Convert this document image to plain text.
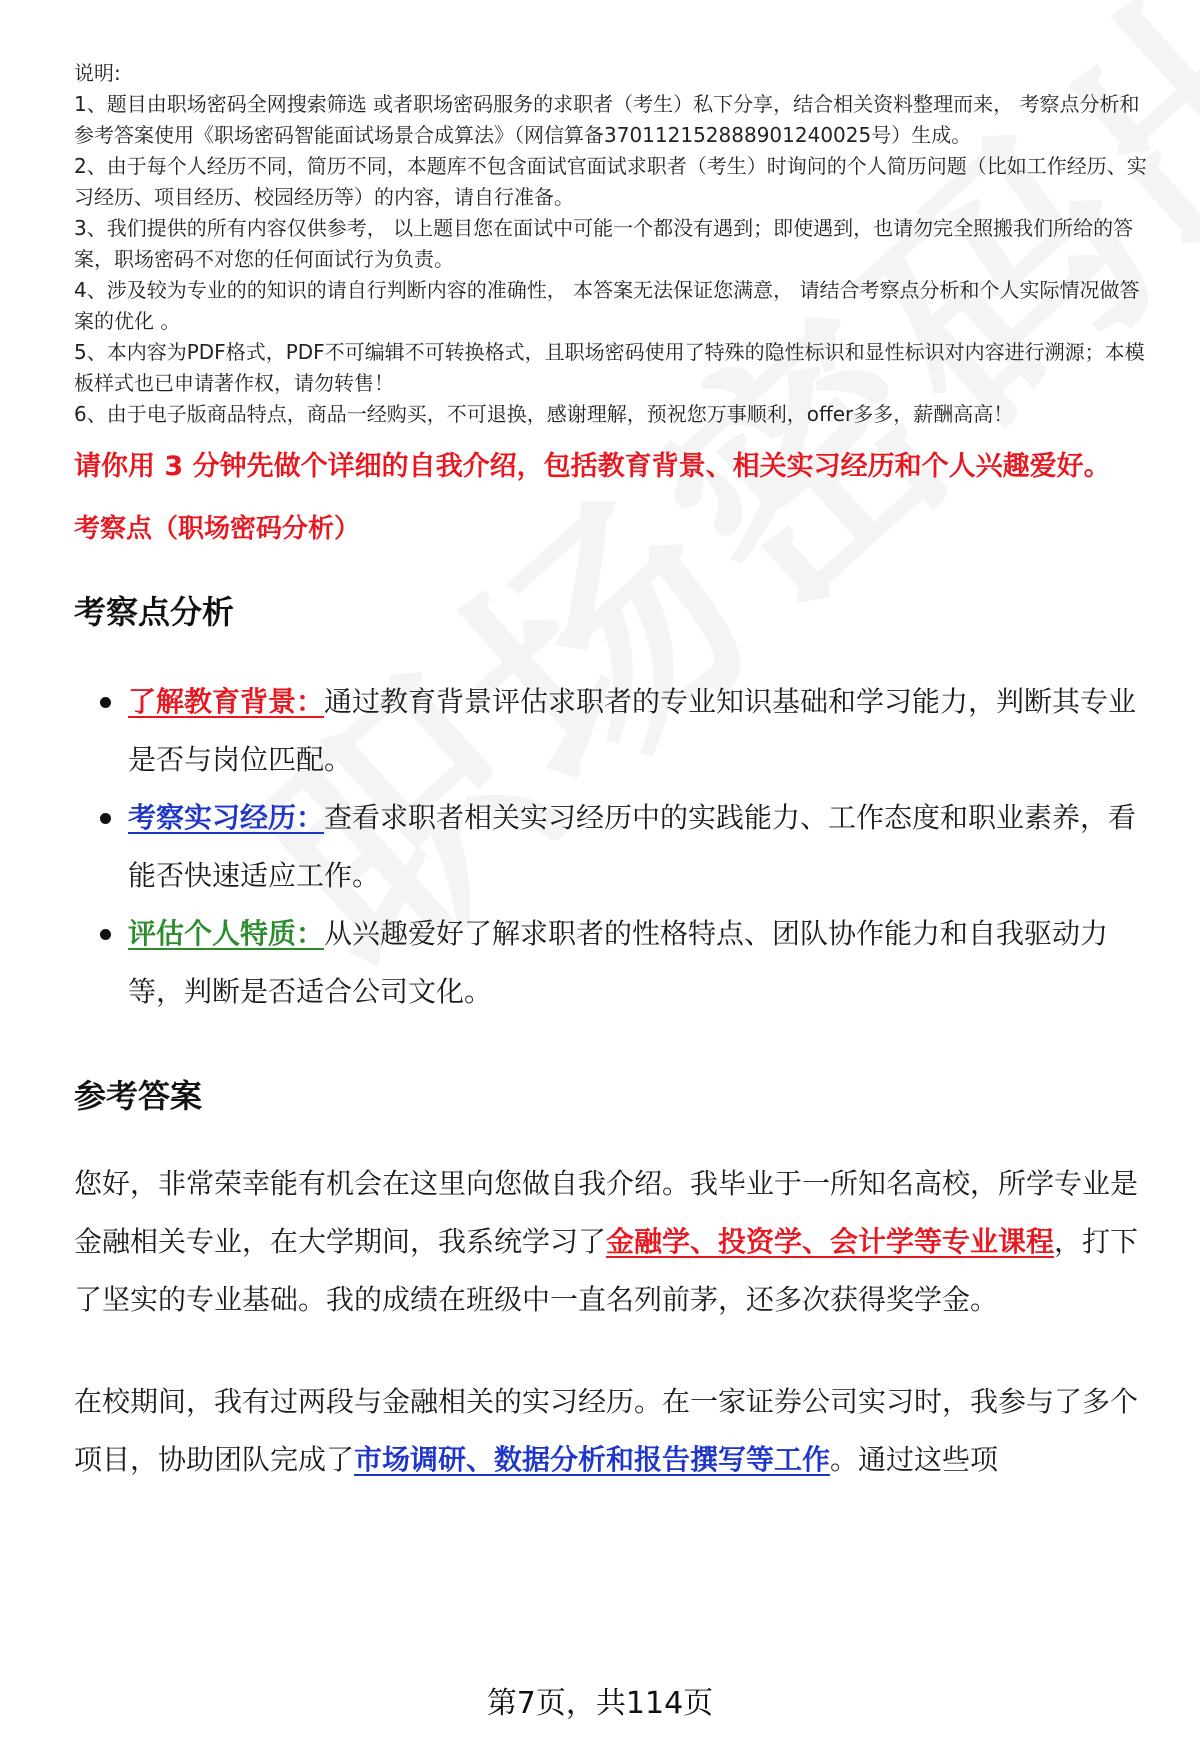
说明:

1、题目由职场密码全网搜索筛选 或者职场密码服务的求职者（考生）私下分享，结合相关资料整理而来， 考察点分析和参考答案使用《职场密码智能面试场景合成算法》（网信算备370112152888901240025号）生成。

2、由于每个人经历不同，简历不同，本题库不包含面试官面试求职者（考生）时询问的个人简历问题（比如工作经历、实习经历、项目经历、校园经历等）的内容，请自行准备。

3、我们提供的所有内容仅供参考， 以上题目您在面试中可能一个都没有遇到；即使遇到，也请勿完全照搬我们所给的答案，职场密码不对您的任何面试行为负责。

4、涉及较为专业的的知识的请自行判断内容的准确性， 本答案无法保证您满意， 请结合考察点分析和个人实际情况做答案的优化 。

5、本内容为PDF格式，PDF不可编辑不可转换格式，且职场密码使用了特殊的隐性标识和显性标识对内容进行溯源；本模板样式也已申请著作权，请勿转售！

6、由于电子版商品特点，商品一经购买，不可退换，感谢理解，预祝您万事顺利，offer多多，薪酬高高！

请你用 3 分钟先做个详细的自我介绍，包括教育背景、相关实习经历和个人兴趣爱好。
考察点（职场密码分析）
考察点分析
了解教育背景：通过教育背景评估求职者的专业知识基础和学习能力，判断其专业是否与岗位匹配。
考察实习经历：查看求职者相关实习经历中的实践能力、工作态度和职业素养，看能否快速适应工作。
评估个人特质：从兴趣爱好了解求职者的性格特点、团队协作能力和自我驱动力等，判断是否适合公司文化。
参考答案

您好，非常荣幸能有机会在这里向您做自我介绍。我毕业于一所知名高校，所学专业是金融相关专业，在大学期间，我系统学习了金融学、投资学、会计学等专业课程，打下了坚实的专业基础。我的成绩在班级中一直名列前茅，还多次获得奖学金。

在校期间，我有过两段与金融相关的实习经历。在一家证券公司实习时，我参与了多个项目，协助团队完成了市场调研、数据分析和报告撰写等工作。通过这些项

第7页，共114页
